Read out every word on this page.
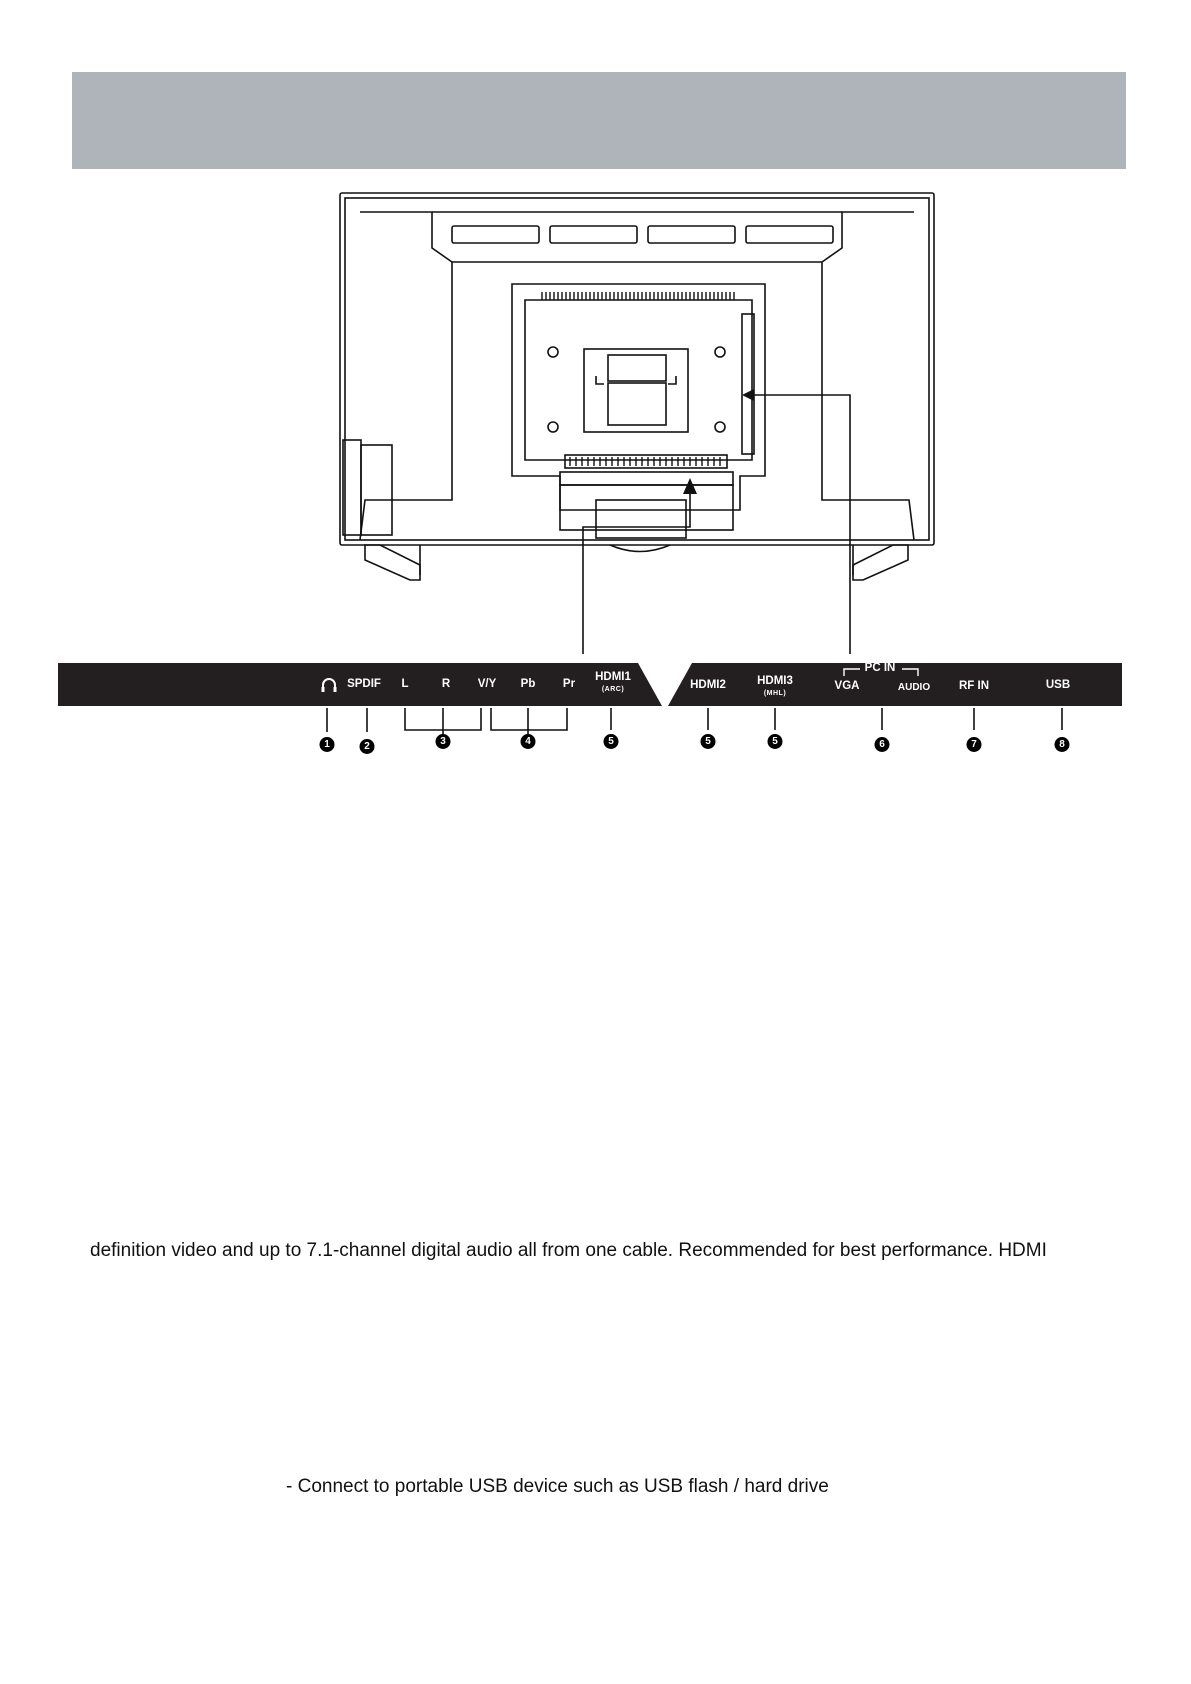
SPDIF L	R V/Y Pb Pr
HDMI1
(ARC)	HDMI2	HDMI3
(MHL)
VGA	AUDIO	RF IN	USB
PC IN
1	2	3	4	5	5	5	6	7	8
definition video and up to 7.1-channel digital audio all from one cable. Recommended for best performance. HDMI
- Connect to portable USB device such as USB flash / hard drive
